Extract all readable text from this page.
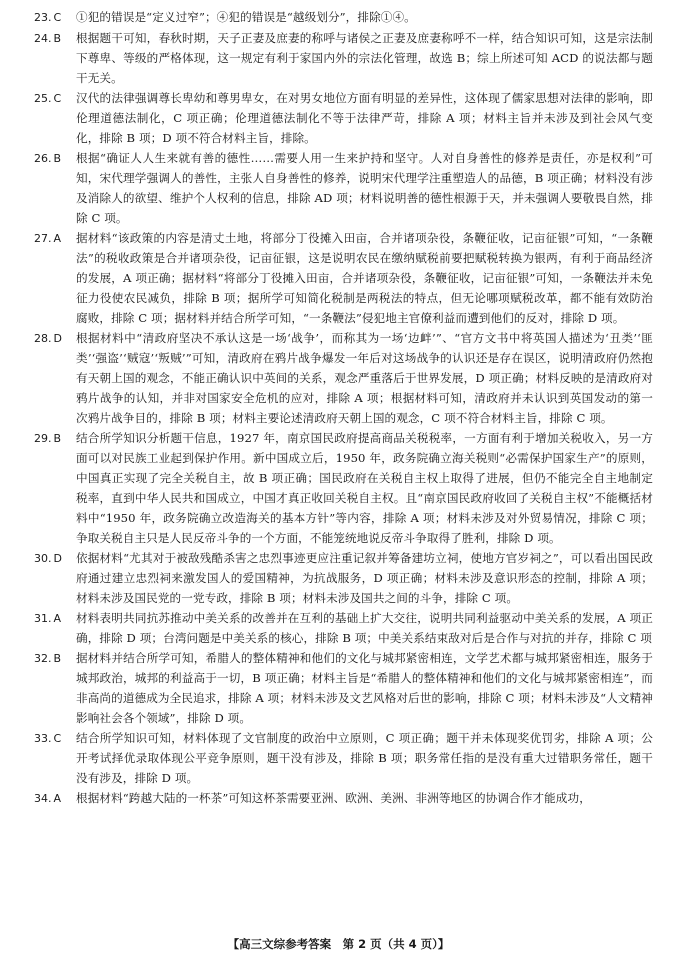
23. C	①犯的错误是“定义过窄”；④犯的错误是“越级划分”，排除①④。
24. B	根据题干可知，春秋时期，天子正妻及庶妻的称呼与诸侯之正妻及庶妻称呼不一样，结合知识可知，这是宗法制下尊卑、等级的严格体现，这一规定有利于家国内外的宗法化管理，故选 B；综上所述可知 ACD 的说法都与题干无关。
25. C	汉代的法律强调尊长卑幼和尊男卑女，在对男女地位方面有明显的差异性，这体现了儒家思想对法律的影响，即伦理道德法制化，C 项正确；伦理道德法制化不等于法律严苛，排除 A 项；材料主旨并未涉及到社会风气变化，排除 B 项；D 项不符合材料主旨，排除。
26. B	根据“确证人人生来就有善的德性……需要人用一生来护持和坚守。人对自身善性的修养是责任，亦是权利”可知，宋代理学强调人的善性，主张人自身善性的修养，说明宋代理学注重塑造人的品德，B 项正确；材料没有涉及消除人的欲望、维护个人权利的信息，排除 AD 项；材料说明善的德性根源于天，并未强调人要敬畏自然，排除 C 项。
27. A	据材料“该政策的内容是清丈土地，将部分丁役摊入田亩，合并诸项杂役，条鞭征收，记亩征银”可知，“一条鞭法”的税收政策是合并诸项杂役，记亩征银，这是说明农民在缴纳赋税前要把赋税转换为银两，有利于商品经济的发展，A 项正确；据材料“将部分丁役摊入田亩，合并诸项杂役，条鞭征收，记亩征银”可知，一条鞭法并未免征力役使农民减负，排除 B 项；据所学可知简化税制是两税法的特点，但无论哪项赋税改革，都不能有效防治腐败，排除 C 项；据材料并结合所学可知，“一条鞭法”侵犯地主官僚利益而遭到他们的反对，排除 D 项。
28. D	根据材料中“清政府坚决不承认这是一场‘战争’，而称其为一场‘边衅’”、“官方文书中将英国人描述为‘丑类’‘匪类’‘强盗’‘贼寇’‘叛贼’”可知，清政府在鸦片战争爆发一年后对这场战争的认识还是存在误区，说明清政府仍然抱有天朝上国的观念，不能正确认识中英间的关系，观念严重落后于世界发展，D 项正确；材料反映的是清政府对鸦片战争的认知，并非对国家安全危机的应对，排除 A 项；根据材料可知，清政府并未认识到英国发动的第一次鸦片战争目的，排除 B 项；材料主要论述清政府天朝上国的观念，C 项不符合材料主旨，排除 C 项。
29. B	结合所学知识分析题干信息，1927 年，南京国民政府提高商品关税税率，一方面有利于增加关税收入，另一方面可以对民族工业起到保护作用。新中国成立后，1950 年，政务院确立海关税则“必需保护国家生产”的原则，中国真正实现了完全关税自主，故 B 项正确；国民政府在关税自主权上取得了进展，但仍不能完全自主地制定税率，直到中华人民共和国成立，中国才真正收回关税自主权。且“南京国民政府收回了关税自主权”不能概括材料中“1950 年，政务院确立改造海关的基本方针”等内容，排除 A 项；材料未涉及对外贸易情况，排除 C 项；争取关税自主只是人民反帝斗争的一个方面，不能笼统地说反帝斗争取得了胜利，排除 D 项。
30. D	依据材料“尤其对于被敌残酷杀害之忠烈事迹更应注重记叙并筹备建坊立祠，使地方官岁祠之”，可以看出国民政府通过建立忠烈祠来激发国人的爱国精神，为抗战服务，D 项正确；材料未涉及意识形态的控制，排除 A 项；材料未涉及国民党的一党专政，排除 B 项；材料未涉及国共之间的斗争，排除 C 项。
31. A	材料表明共同抗苏推动中美关系的改善并在互利的基础上扩大交往，说明共同利益驱动中美关系的发展，A 项正确，排除 D 项；台湾问题是中美关系的核心，排除 B 项；中美关系结束敌对后是合作与对抗的并存，排除 C 项
32. B	据材料并结合所学可知，希腊人的整体精神和他们的文化与城邦紧密相连，文学艺术都与城邦紧密相连，服务于城邦政治，城邦的利益高于一切，B 项正确；材料主旨是“希腊人的整体精神和他们的文化与城邦紧密相连”，而非高尚的道德成为全民追求，排除 A 项；材料未涉及文艺风格对后世的影响，排除 C 项；材料未涉及“人文精神影响社会各个领域”，排除 D 项。
33. C	结合所学知识可知，材料体现了文官制度的政治中立原则，C 项正确；题干并未体现奖优罚劣，排除 A 项；公开考试择优录取体现公平竞争原则，题干没有涉及，排除 B 项；职务常任指的是没有重大过错职务常任，题干没有涉及，排除 D 项。
34. A	根据材料“跨越大陆的一杯茶”可知这杯茶需要亚洲、欧洲、美洲、非洲等地区的协调合作才能成功，
【高三文综参考答案　第 2 页（共 4 页）】
